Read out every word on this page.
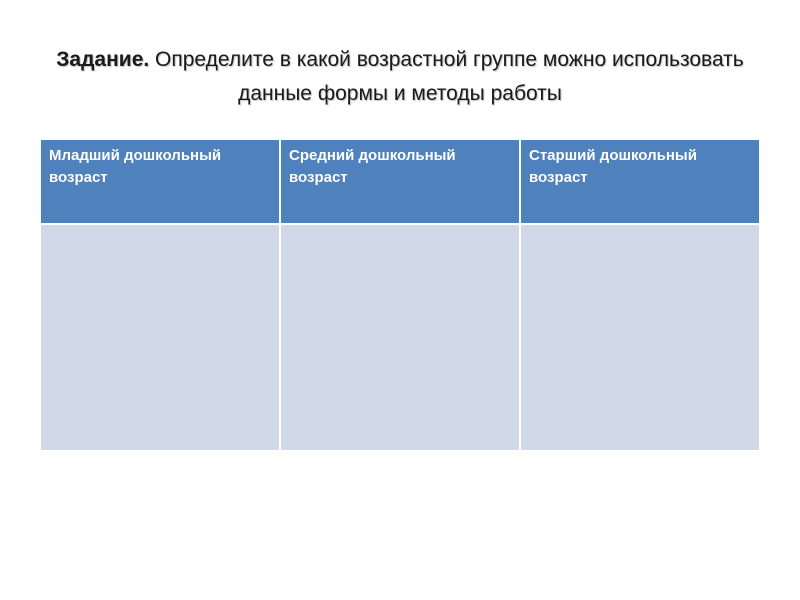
Задание. Определите в какой возрастной группе можно использовать данные формы и методы работы
Младший дошкольный возраст	Средний дошкольный возраст	Старший дошкольный возраст
